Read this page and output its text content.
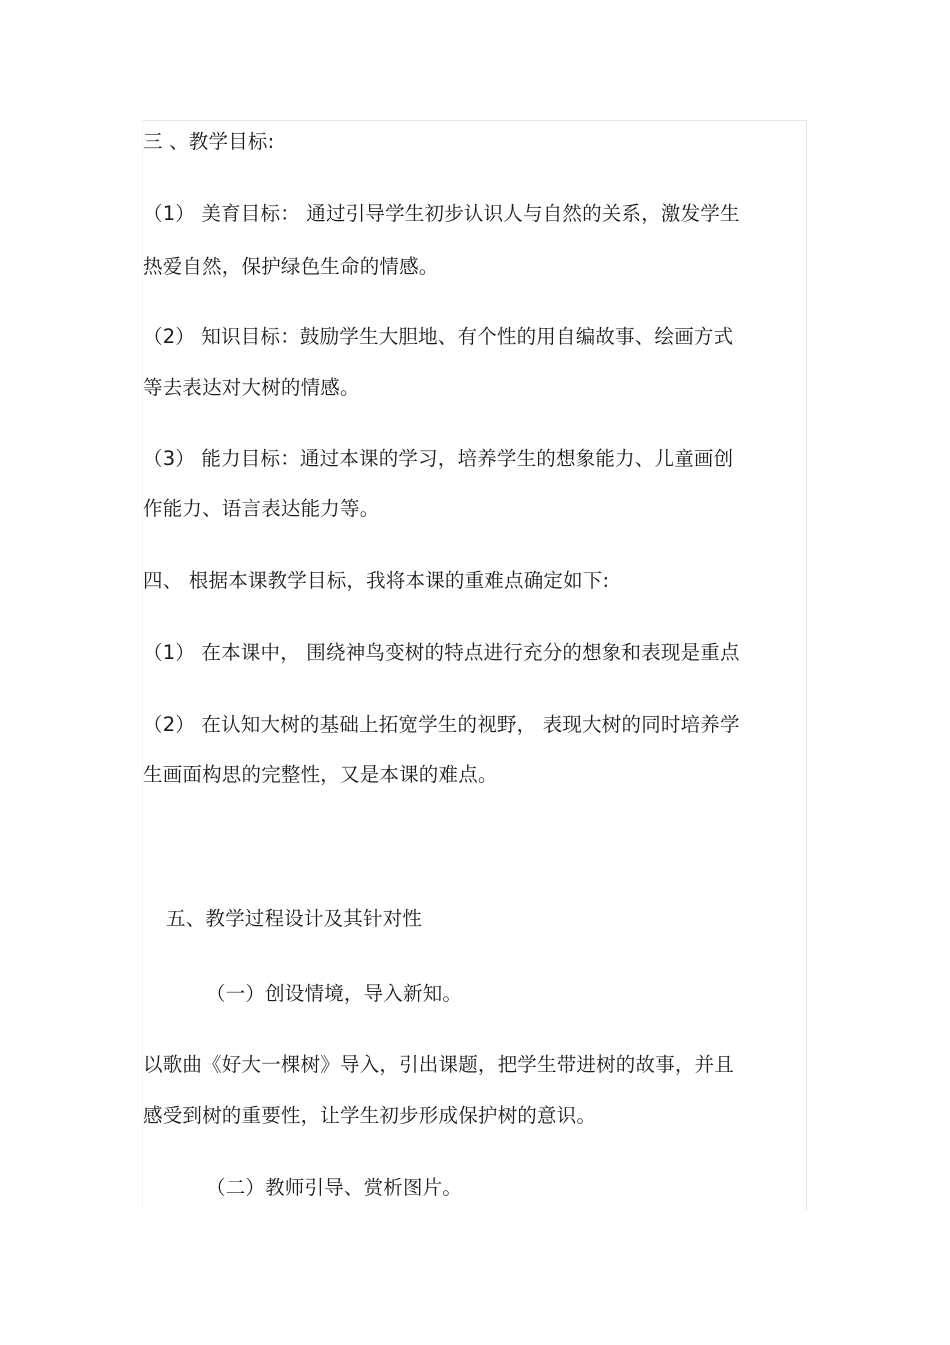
三 、教学目标:
（1） 美育目标： 通过引导学生初步认识人与自然的关系，激发学生
热爱自然，保护绿色生命的情感。
（2） 知识目标：鼓励学生大胆地、有个性的用自编故事、绘画方式
等去表达对大树的情感。
（3） 能力目标：通过本课的学习，培养学生的想象能力、儿童画创
作能力、语言表达能力等。
四、 根据本课教学目标，我将本课的重难点确定如下:
（1） 在本课中， 围绕神鸟变树的特点进行充分的想象和表现是重点
（2） 在认知大树的基础上拓宽学生的视野， 表现大树的同时培养学
生画面构思的完整性，又是本课的难点。
五、教学过程设计及其针对性
（一）创设情境，导入新知。
以歌曲《好大一棵树》导入，引出课题，把学生带进树的故事，并且
感受到树的重要性，让学生初步形成保护树的意识。
（二）教师引导、赏析图片。
